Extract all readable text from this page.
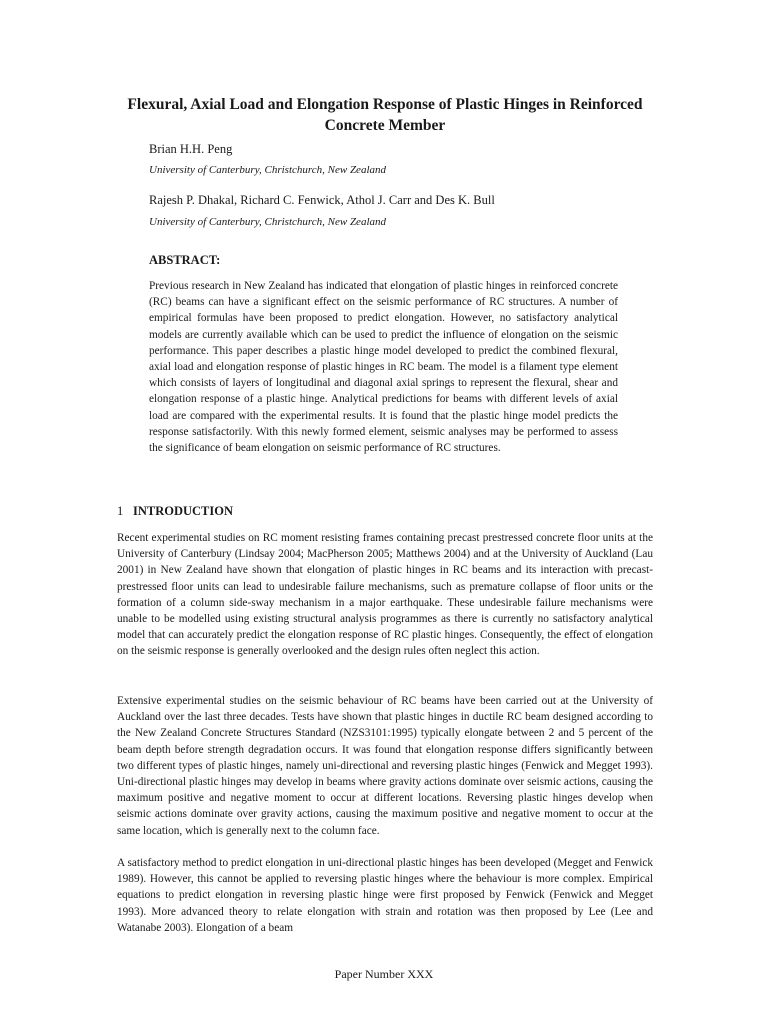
Flexural, Axial Load and Elongation Response of Plastic Hinges in Reinforced Concrete Member
Brian H.H. Peng
University of Canterbury, Christchurch, New Zealand
Rajesh P. Dhakal, Richard C. Fenwick, Athol J. Carr and Des K. Bull
University of Canterbury, Christchurch, New Zealand
ABSTRACT:
Previous research in New Zealand has indicated that elongation of plastic hinges in reinforced concrete (RC) beams can have a significant effect on the seismic performance of RC structures. A number of empirical formulas have been proposed to predict elongation. However, no satisfactory analytical models are currently available which can be used to predict the influence of elongation on the seismic performance. This paper describes a plastic hinge model developed to predict the combined flexural, axial load and elongation response of plastic hinges in RC beam. The model is a filament type element which consists of layers of longitudinal and diagonal axial springs to represent the flexural, shear and elongation response of a plastic hinge. Analytical predictions for beams with different levels of axial load are compared with the experimental results. It is found that the plastic hinge model predicts the response satisfactorily. With this newly formed element, seismic analyses may be performed to assess the significance of beam elongation on seismic performance of RC structures.
1 INTRODUCTION
Recent experimental studies on RC moment resisting frames containing precast prestressed concrete floor units at the University of Canterbury (Lindsay 2004; MacPherson 2005; Matthews 2004) and at the University of Auckland (Lau 2001) in New Zealand have shown that elongation of plastic hinges in RC beams and its interaction with precast-prestressed floor units can lead to undesirable failure mechanisms, such as premature collapse of floor units or the formation of a column side-sway mechanism in a major earthquake. These undesirable failure mechanisms were unable to be modelled using existing structural analysis programmes as there is currently no satisfactory analytical model that can accurately predict the elongation response of RC plastic hinges. Consequently, the effect of elongation on the seismic response is generally overlooked and the design rules often neglect this action.
Extensive experimental studies on the seismic behaviour of RC beams have been carried out at the University of Auckland over the last three decades. Tests have shown that plastic hinges in ductile RC beam designed according to the New Zealand Concrete Structures Standard (NZS3101:1995) typically elongate between 2 and 5 percent of the beam depth before strength degradation occurs. It was found that elongation response differs significantly between two different types of plastic hinges, namely uni-directional and reversing plastic hinges (Fenwick and Megget 1993). Uni-directional plastic hinges may develop in beams where gravity actions dominate over seismic actions, causing the maximum positive and negative moment to occur at different locations. Reversing plastic hinges develop when seismic actions dominate over gravity actions, causing the maximum positive and negative moment to occur at the same location, which is generally next to the column face.
A satisfactory method to predict elongation in uni-directional plastic hinges has been developed (Megget and Fenwick 1989). However, this cannot be applied to reversing plastic hinges where the behaviour is more complex. Empirical equations to predict elongation in reversing plastic hinge were first proposed by Fenwick (Fenwick and Megget 1993). More advanced theory to relate elongation with strain and rotation was then proposed by Lee (Lee and Watanabe 2003). Elongation of a beam
Paper Number XXX
